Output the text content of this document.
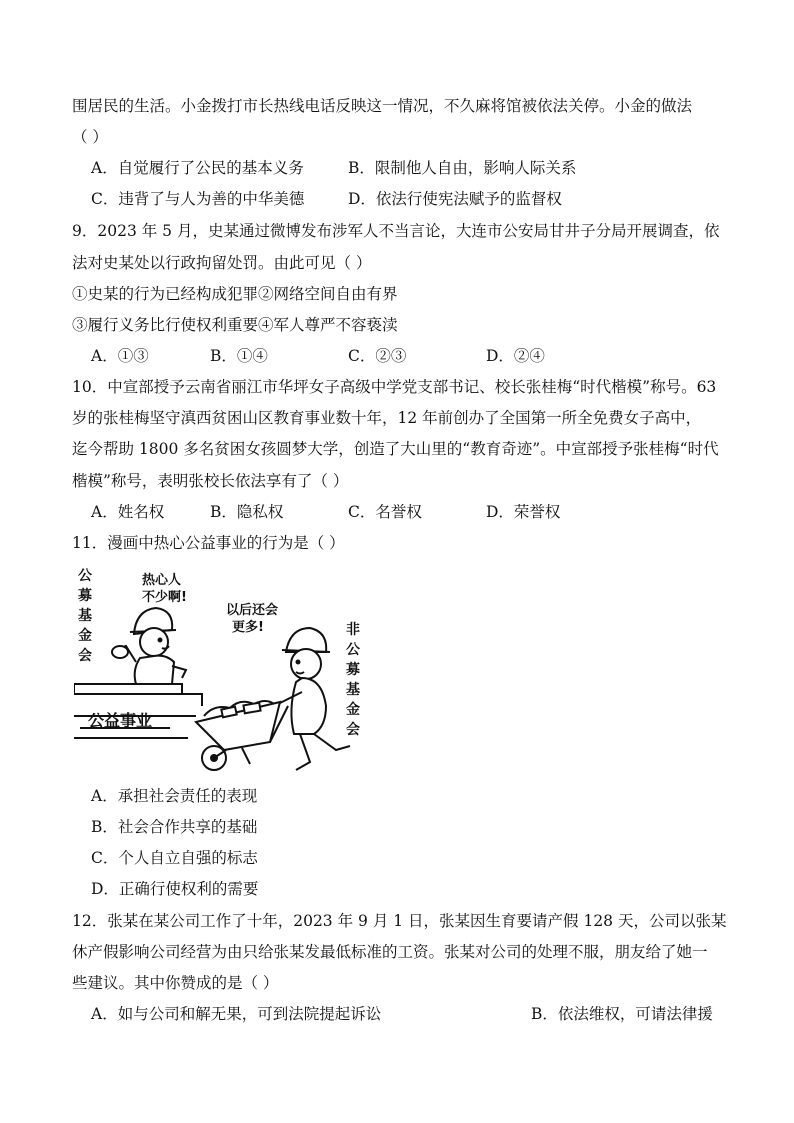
围居民的生活。小金拨打市长热线电话反映这一情况，不久麻将馆被依法关停。小金的做法
（ ）
A．自觉履行了公民的基本义务	B．限制他人自由，影响人际关系
C．违背了与人为善的中华美德	D．依法行使宪法赋予的监督权
9．2023 年 5 月，史某通过微博发布涉军人不当言论，大连市公安局甘井子分局开展调查，依
法对史某处以行政拘留处罚。由此可见（ ）
①史某的行为已经构成犯罪②网络空间自由有界
③履行义务比行使权利重要④军人尊严不容亵渎
A．①③	B．①④	C．②③	D．②④
10．中宣部授予云南省丽江市华坪女子高级中学党支部书记、校长张桂梅“时代楷模”称号。63
岁的张桂梅坚守滇西贫困山区教育事业数十年，12 年前创办了全国第一所全免费女子高中，
迄今帮助 1800 多名贫困女孩圆梦大学，创造了大山里的“教育奇迹”。中宣部授予张桂梅“时代
楷模”称号，表明张校长依法享有了（ ）
A．姓名权	B．隐私权	C．名誉权	D．荣誉权
11．漫画中热心公益事业的行为是（ ）
公 募 基 金 会
热心人
不少啊!
以后还会
更多!
公益事业
非 公 募 基 金 会
A．承担社会责任的表现
B．社会合作共享的基础
C．个人自立自强的标志
D．正确行使权利的需要
12．张某在某公司工作了十年，2023 年 9 月 1 日，张某因生育要请产假 128 天，公司以张某
休产假影响公司经营为由只给张某发最低标准的工资。张某对公司的处理不服，朋友给了她一
些建议。其中你赞成的是（ ）
A．如与公司和解无果，可到法院提起诉讼	B．依法维权，可请法律援
